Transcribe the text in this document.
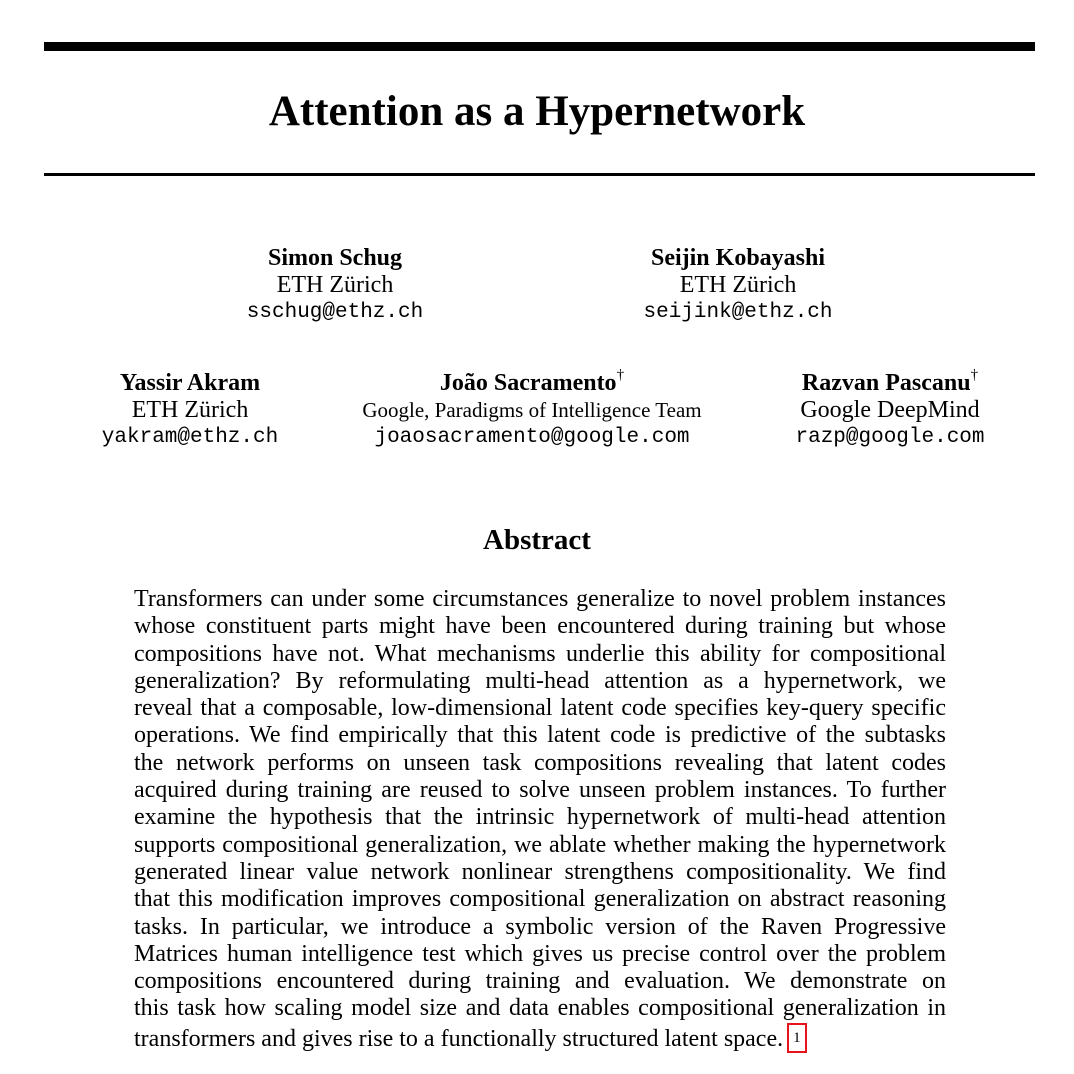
Attention as a Hypernetwork
Simon Schug
ETH Zürich
sschug@ethz.ch
Seijin Kobayashi
ETH Zürich
seijink@ethz.ch
Yassir Akram
ETH Zürich
yakram@ethz.ch
João Sacramento†
Google, Paradigms of Intelligence Team
joaosacramento@google.com
Razvan Pascanu†
Google DeepMind
razp@google.com
Abstract
Transformers can under some circumstances generalize to novel problem instances
whose constituent parts might have been encountered during training but whose
compositions have not. What mechanisms underlie this ability for compositional
generalization? By reformulating multi-head attention as a hypernetwork, we
reveal that a composable, low-dimensional latent code specifies key-query specific
operations. We find empirically that this latent code is predictive of the subtasks
the network performs on unseen task compositions revealing that latent codes
acquired during training are reused to solve unseen problem instances. To further
examine the hypothesis that the intrinsic hypernetwork of multi-head attention
supports compositional generalization, we ablate whether making the hypernetwork
generated linear value network nonlinear strengthens compositionality. We find
that this modification improves compositional generalization on abstract reasoning
tasks. In particular, we introduce a symbolic version of the Raven Progressive
Matrices human intelligence test which gives us precise control over the problem
compositions encountered during training and evaluation. We demonstrate on
this task how scaling model size and data enables compositional generalization in
transformers and gives rise to a functionally structured latent space. 1
